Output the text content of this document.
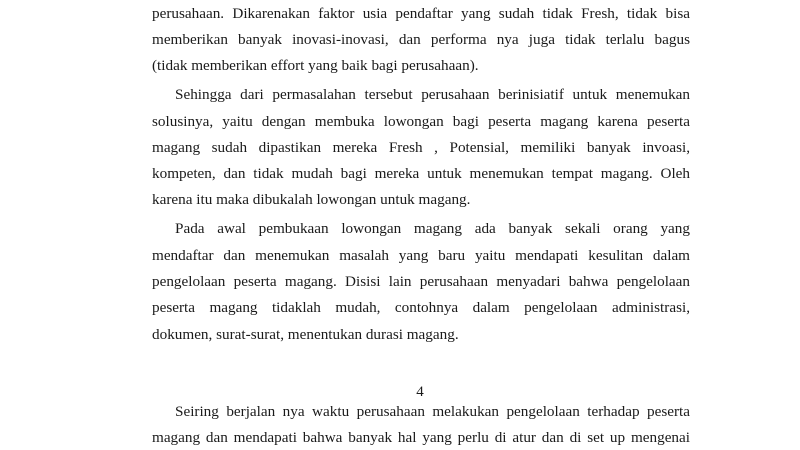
perusahaan. Dikarenakan faktor usia pendaftar yang sudah tidak Fresh, tidak bisa
memberikan banyak inovasi-inovasi, dan performa nya juga tidak terlalu bagus
(tidak memberikan effort yang baik bagi perusahaan).
Sehingga dari permasalahan tersebut perusahaan berinisiatif untuk menemukan
solusinya, yaitu dengan membuka lowongan bagi peserta magang karena peserta
magang sudah dipastikan mereka Fresh , Potensial, memiliki banyak invoasi,
kompeten, dan tidak mudah bagi mereka untuk menemukan tempat magang. Oleh
karena itu maka dibukalah lowongan untuk magang.
Pada awal pembukaan lowongan magang ada banyak sekali orang yang
mendaftar dan menemukan masalah yang baru yaitu mendapati kesulitan dalam
pengelolaan peserta magang. Disisi lain perusahaan menyadari bahwa pengelolaan
peserta magang tidaklah mudah, contohnya dalam pengelolaan administrasi,
dokumen, surat-surat, menentukan durasi magang.
4
Seiring berjalan nya waktu perusahaan melakukan pengelolaan terhadap peserta
magang dan mendapati bahwa banyak hal yang perlu di atur dan di set up mengenai
